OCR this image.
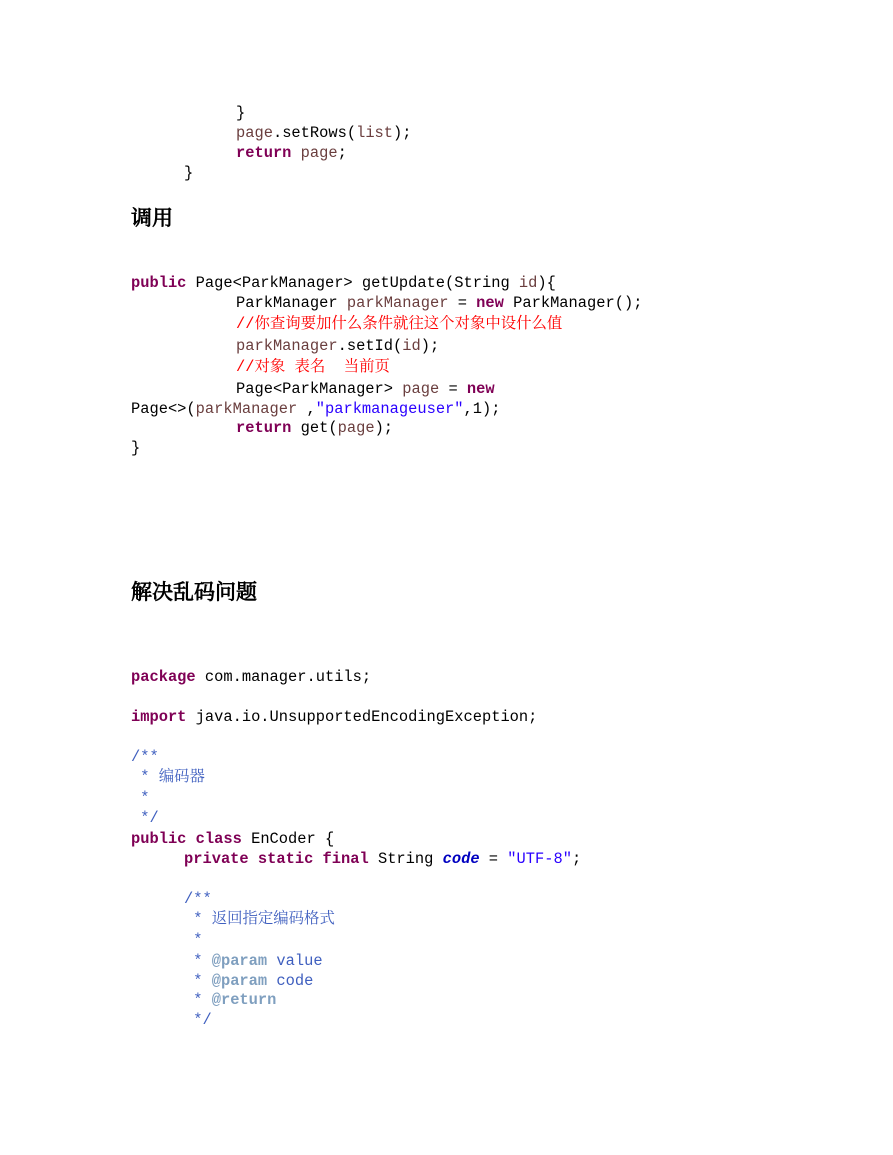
}
page.setRows(list);
return page;
}
调用
public Page<ParkManager> getUpdate(String id){
ParkManager parkManager = new ParkManager();
//你查询要加什么条件就往这个对象中设什么值
parkManager.setId(id);
//对象 表名  当前页
Page<ParkManager> page = new
Page<>(parkManager ,"parkmanageuser",1);
return get(page);
}
解决乱码问题
package com.manager.utils;
import java.io.UnsupportedEncodingException;
/**
* 编码器
*
*/
public class EnCoder {
private static final String code = "UTF-8";
/**
* 返回指定编码格式
*
* @param value
* @param code
* @return
*/
